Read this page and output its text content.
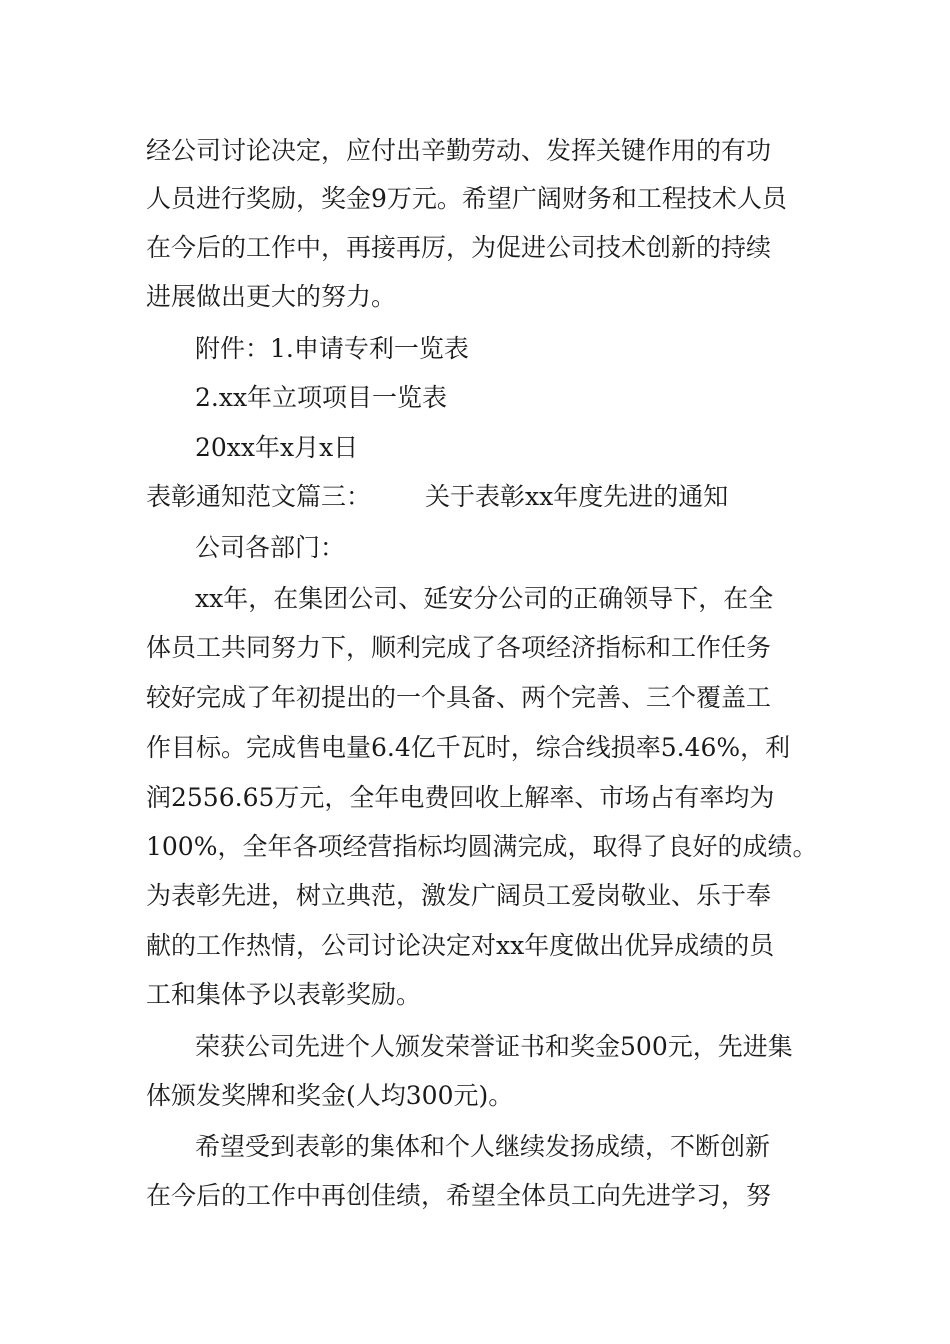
经公司讨论决定，应付出辛勤劳动、发挥关键作用的有功
人员进行奖励，奖金9万元。希望广阔财务和工程技术人员
在今后的工作中，再接再厉，为促进公司技术创新的持续
进展做出更大的努力。
附件：1.申请专利一览表
2.xx年立项项目一览表
20xx年x月x日
表彰通知范文篇三： 关于表彰xx年度先进的通知
公司各部门：
xx年，在集团公司、延安分公司的正确领导下，在全
体员工共同努力下，顺利完成了各项经济指标和工作任务
较好完成了年初提出的一个具备、两个完善、三个覆盖工
作目标。完成售电量6.4亿千瓦时，综合线损率5.46%，利
润2556.65万元，全年电费回收上解率、市场占有率均为
100%，全年各项经营指标均圆满完成，取得了良好的成绩。
为表彰先进，树立典范，激发广阔员工爱岗敬业、乐于奉
献的工作热情，公司讨论决定对xx年度做出优异成绩的员
工和集体予以表彰奖励。
荣获公司先进个人颁发荣誉证书和奖金500元，先进集
体颁发奖牌和奖金(人均300元)。
希望受到表彰的集体和个人继续发扬成绩，不断创新
在今后的工作中再创佳绩，希望全体员工向先进学习，努
